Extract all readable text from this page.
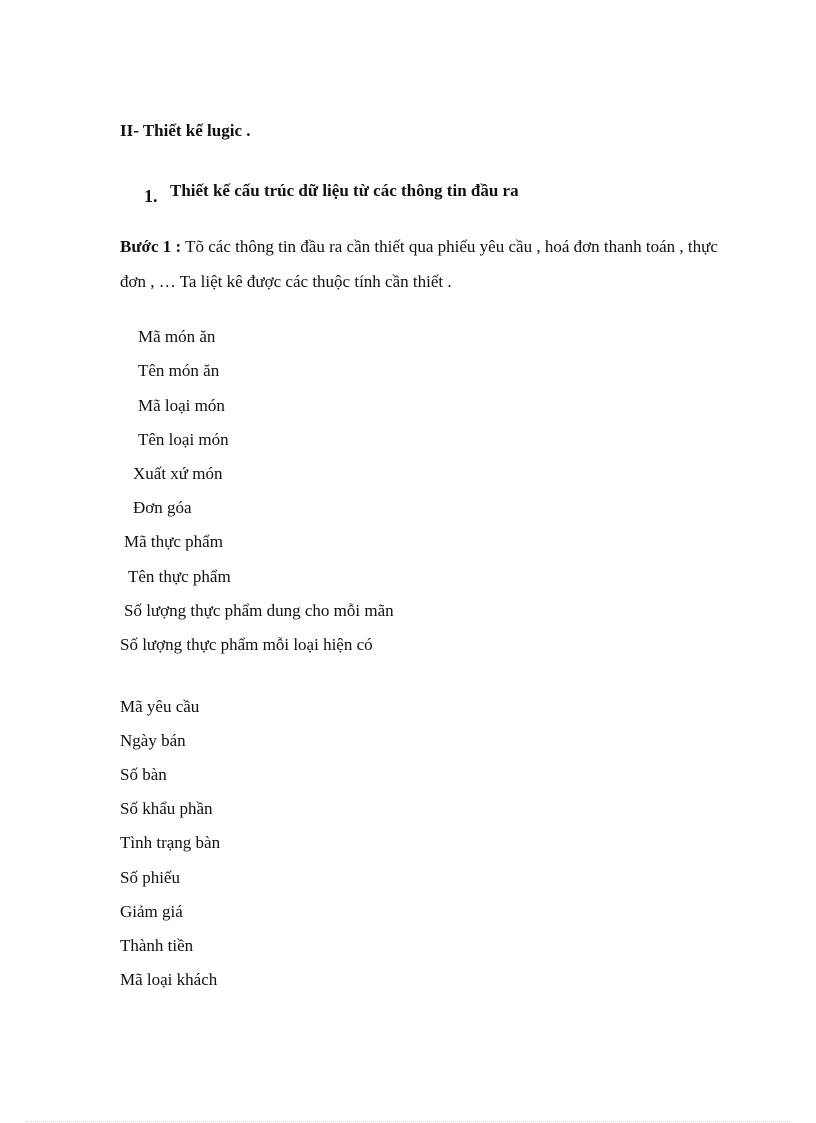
II- Thiết kế lugic .
1. Thiết kế cấu trúc dữ liệu từ các thông tin đầu ra

Bước 1 : Tõ các thông tin đầu ra cần thiết qua phiếu yêu cầu , hoá đơn thanh toán , thực đơn , … Ta liệt kê được các thuộc tính cần thiết .

Mã món ăn
Tên món ăn
Mã loại món
Tên loại món
Xuất xứ món
Đơn góa
Mã thực phẩm
Tên thực phẩm
Số lượng thực phẩm dung cho mỗi mãn
Số lượng thực phẩm mỗi loại hiện có
Mã yêu cầu
Ngày bán
Số bàn
Số khẩu phần
Tình trạng bàn
Số phiếu
Giảm giá
Thành tiền
Mã loại khách
